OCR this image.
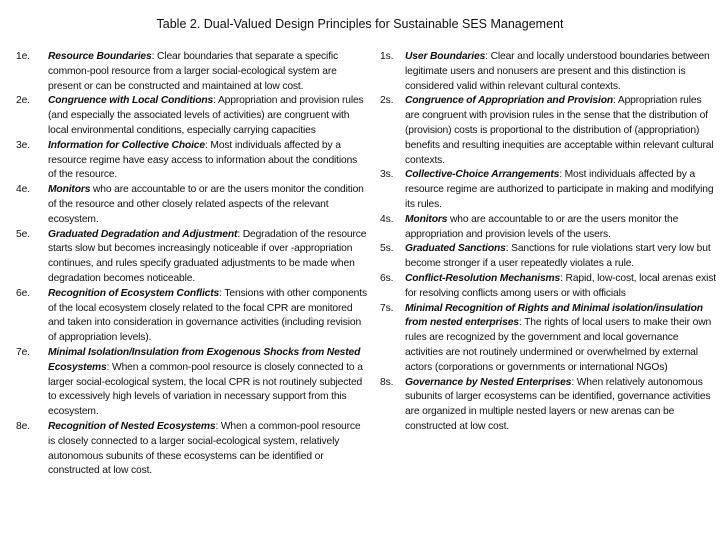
Table 2. Dual-Valued Design Principles for Sustainable SES Management
1e.	Resource Boundaries: Clear boundaries that separate a specific common-pool resource from a larger social-ecological system are present or can be constructed and maintained at low cost.
2e.	Congruence with Local Conditions: Appropriation and provision rules (and especially the associated levels of activities) are congruent with local environmental conditions, especially carrying capacities
3e.	Information for Collective Choice: Most individuals affected by a resource regime have easy access to information about the conditions of the resource.
4e.	Monitors who are accountable to or are the users monitor the condition of the resource and other closely related aspects of the relevant ecosystem.
5e.	Graduated Degradation and Adjustment: Degradation of the resource starts slow but becomes increasingly noticeable if over -appropriation continues, and rules specify graduated adjustments to be made when degradation becomes noticeable.
6e.	Recognition of Ecosystem Conflicts: Tensions with other components of the local ecosystem closely related to the focal CPR are monitored and taken into consideration in governance activities (including revision of appropriation levels).
7e.	Minimal Isolation/Insulation from Exogenous Shocks from Nested Ecosystems: When a common-pool resource is closely connected to a larger social-ecological system, the local CPR is not routinely subjected to excessively high levels of variation in necessary support from this ecosystem.
8e.	Recognition of Nested Ecosystems: When a common-pool resource is closely connected to a larger social-ecological system, relatively autonomous subunits of these ecosystems can be identified or constructed at low cost.
1s.	User Boundaries: Clear and locally understood boundaries between legitimate users and nonusers are present and this distinction is considered valid within relevant cultural contexts.
2s.	Congruence of Appropriation and Provision: Appropriation rules are congruent with provision rules in the sense that the distribution of (provision) costs is proportional to the distribution of (appropriation) benefits and resulting inequities are acceptable within relevant cultural contexts.
3s.	Collective-Choice Arrangements: Most individuals affected by a resource regime are authorized to participate in making and modifying its rules.
4s.	Monitors who are accountable to or are the users monitor the appropriation and provision levels of the users.
5s.	Graduated Sanctions: Sanctions for rule violations start very low but become stronger if a user repeatedly violates a rule.
6s.	Conflict-Resolution Mechanisms: Rapid, low-cost, local arenas exist for resolving conflicts among users or with officials
7s.	Minimal Recognition of Rights and Minimal isolation/insulation from nested enterprises: The rights of local users to make their own rules are recognized by the government and local governance activities are not routinely undermined or overwhelmed by external actors (corporations or governments or international NGOs)
8s.	Governance by Nested Enterprises: When relatively autonomous subunits of larger ecosystems can be identified, governance activities are organized in multiple nested layers or new arenas can be constructed at low cost.
